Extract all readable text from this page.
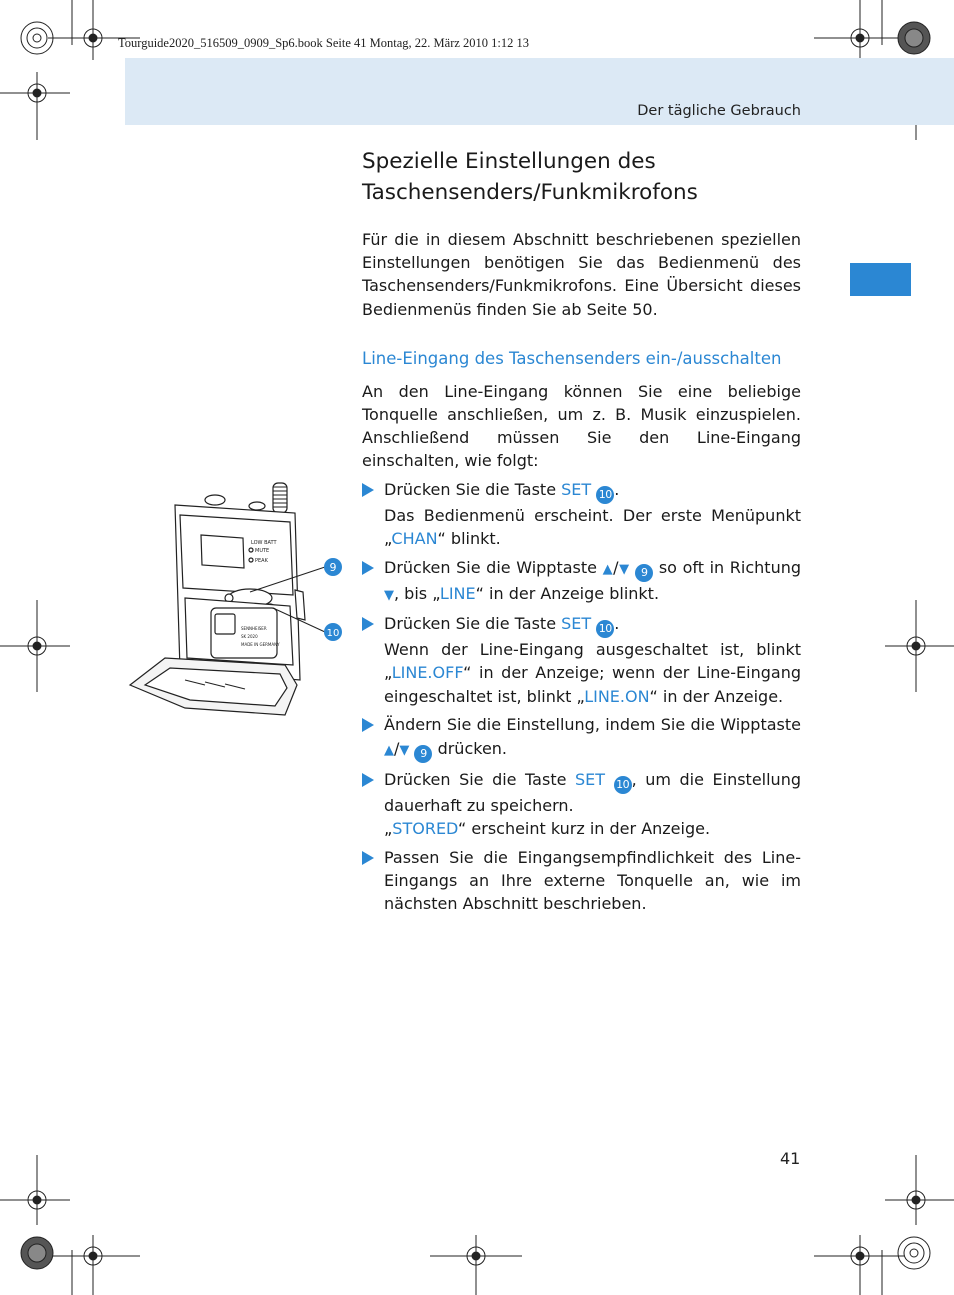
Tourguide2020_516509_0909_Sp6.book Seite 41 Montag, 22. März 2010 1:12 13
Der tägliche Gebrauch
LOW BATT
MUTE
PEAK
SENNHEISER
SK 2020
MADE IN GERMANY
9
10
Spezielle Einstellungen des Taschensenders/Funkmikrofons

Für die in diesem Abschnitt beschriebenen speziellen Einstellungen benötigen Sie das Bedienmenü des Taschensenders/Funkmikrofons. Eine Übersicht dieses Bedienmenüs finden Sie ab Seite 50.

Line-Eingang des Taschensenders ein-/ausschalten

An den Line-Eingang können Sie eine beliebige Tonquelle anschließen, um z. B. Musik einzuspielen. Anschließend müssen Sie den Line-Eingang einschalten, wie folgt:

Drücken Sie die Taste SET 10 .
Das Bedienmenü erscheint. Der erste Menüpunkt „CHAN“ blinkt.
Drücken Sie die Wipptaste ▲/▼ 9 so oft in Richtung ▼, bis „LINE“ in der Anzeige blinkt.
Drücken Sie die Taste SET 10 .
Wenn der Line-Eingang ausgeschaltet ist, blinkt „LINE.OFF“ in der Anzeige; wenn der Line-Eingang eingeschaltet ist, blinkt „LINE.ON“ in der Anzeige.
Ändern Sie die Einstellung, indem Sie die Wipptaste ▲/▼ 9 drücken.
Drücken Sie die Taste SET 10 , um die Einstellung dauerhaft zu speichern.
„STORED“ erscheint kurz in der Anzeige.
Passen Sie die Eingangsempfindlichkeit des Line-Eingangs an Ihre externe Tonquelle an, wie im nächsten Abschnitt beschrieben.
41
